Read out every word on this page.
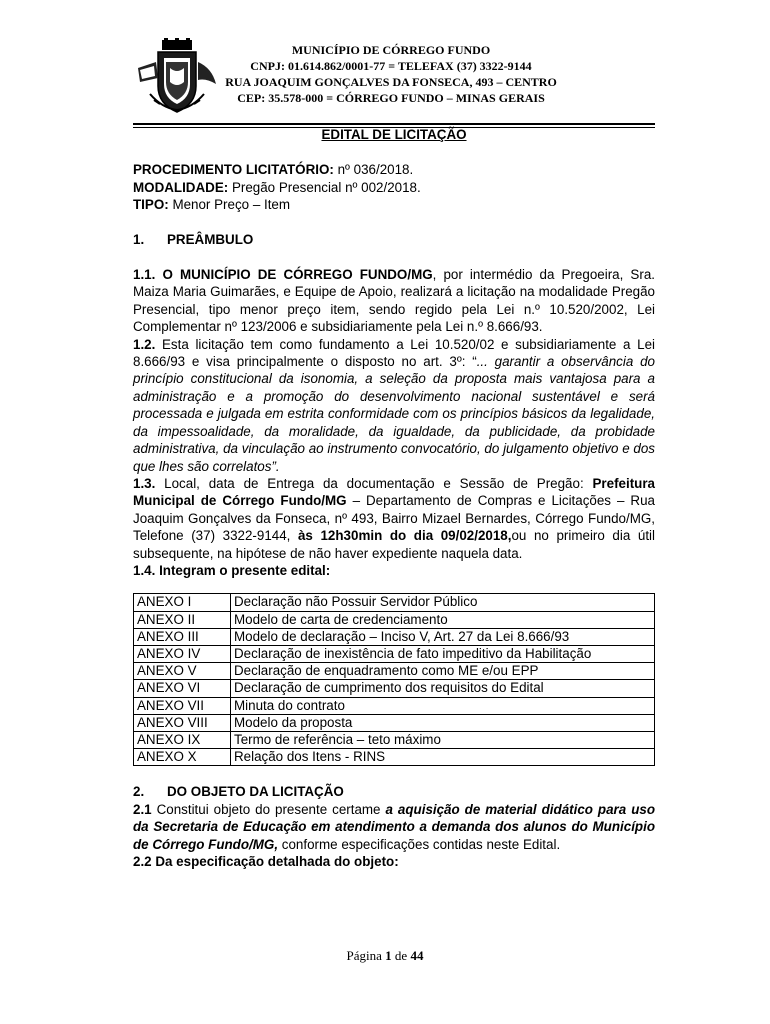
MUNICÍPIO DE CÓRREGO FUNDO
CNPJ: 01.614.862/0001-77 = TELEFAX (37) 3322-9144
RUA JOAQUIM GONÇALVES DA FONSECA, 493 – CENTRO
CEP: 35.578-000 = CÓRREGO FUNDO – MINAS GERAIS
EDITAL DE LICITAÇÃO

PROCEDIMENTO LICITATÓRIO: nº 036/2018.

MODALIDADE: Pregão Presencial nº 002/2018.

TIPO: Menor Preço – Item

1. PREÂMBULO

1.1. O MUNICÍPIO DE CÓRREGO FUNDO/MG, por intermédio da Pregoeira, Sra. Maiza Maria Guimarães, e Equipe de Apoio, realizará a licitação na modalidade Pregão Presencial, tipo menor preço item, sendo regido pela Lei n.º 10.520/2002, Lei Complementar nº 123/2006 e subsidiariamente pela Lei n.º 8.666/93.

1.2. Esta licitação tem como fundamento a Lei 10.520/02 e subsidiariamente a Lei 8.666/93 e visa principalmente o disposto no art. 3º: “... garantir a observância do princípio constitucional da isonomia, a seleção da proposta mais vantajosa para a administração e a promoção do desenvolvimento nacional sustentável e será processada e julgada em estrita conformidade com os princípios básicos da legalidade, da impessoalidade, da moralidade, da igualdade, da publicidade, da probidade administrativa, da vinculação ao instrumento convocatório, do julgamento objetivo e dos que lhes são correlatos”.

1.3. Local, data de Entrega da documentação e Sessão de Pregão: Prefeitura Municipal de Córrego Fundo/MG – Departamento de Compras e Licitações – Rua Joaquim Gonçalves da Fonseca, nº 493, Bairro Mizael Bernardes, Córrego Fundo/MG, Telefone (37) 3322-9144, às 12h30min do dia 09/02/2018,ou no primeiro dia útil subsequente, na hipótese de não haver expediente naquela data.

1.4. Integram o presente edital:

ANEXO I	Declaração não Possuir Servidor Público
ANEXO II	Modelo de carta de credenciamento
ANEXO III	Modelo de declaração – Inciso V, Art. 27 da Lei 8.666/93
ANEXO IV	Declaração de inexistência de fato impeditivo da Habilitação
ANEXO V	Declaração de enquadramento como ME e/ou EPP
ANEXO VI	Declaração de cumprimento dos requisitos do Edital
ANEXO VII	Minuta do contrato
ANEXO VIII	Modelo da proposta
ANEXO IX	Termo de referência – teto máximo
ANEXO X	Relação dos Itens - RINS
2. DO OBJETO DA LICITAÇÃO

2.1 Constitui objeto do presente certame a aquisição de material didático para uso da Secretaria de Educação em atendimento a demanda dos alunos do Município de Córrego Fundo/MG, conforme especificações contidas neste Edital.

2.2 Da especificação detalhada do objeto:

Página 1 de 44
